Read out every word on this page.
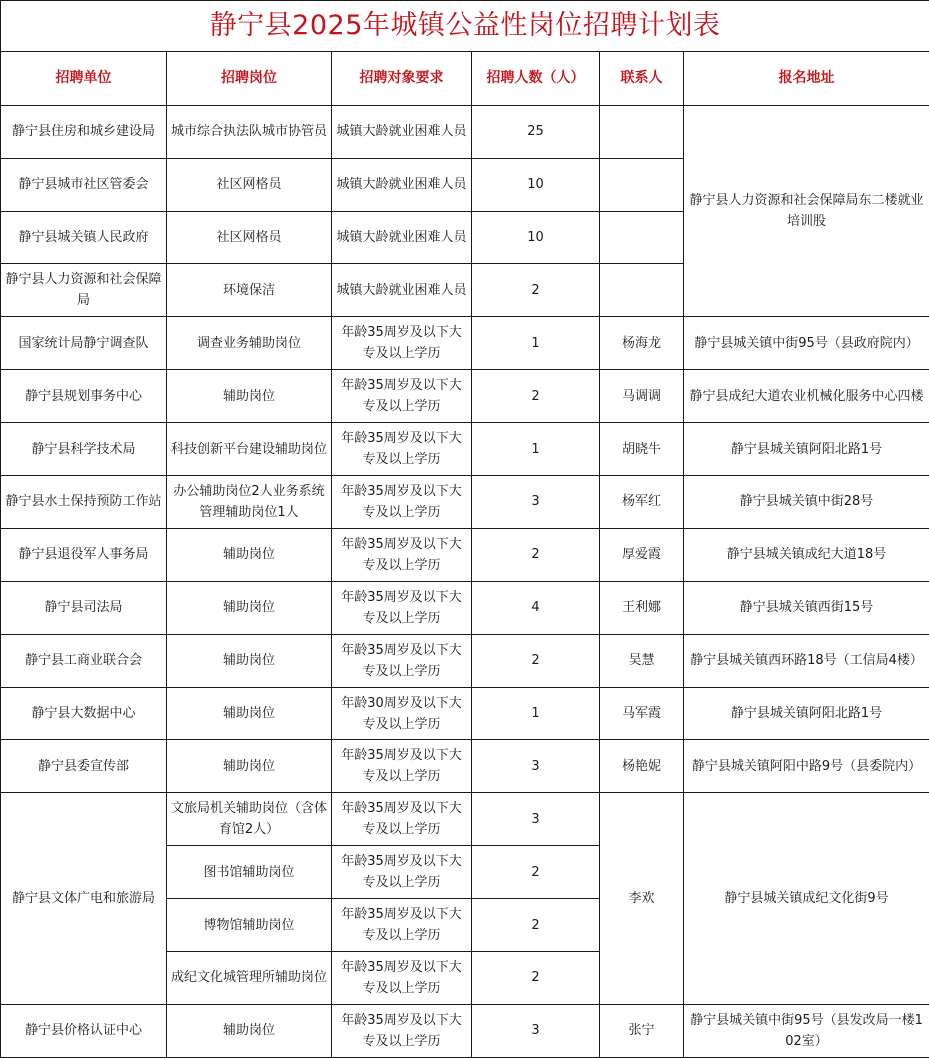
静宁县2025年城镇公益性岗位招聘计划表					
招聘单位	招聘岗位	招聘对象要求	招聘人数（人）	联系人	报名地址
静宁县住房和城乡建设局	城市综合执法队城市协管员	城镇大龄就业困难人员	25		静宁县人力资源和社会保障局东二楼就业培训股
静宁县城市社区管委会	社区网格员	城镇大龄就业困难人员	10		
静宁县城关镇人民政府	社区网格员	城镇大龄就业困难人员	10		
静宁县人力资源和社会保障局	环境保洁	城镇大龄就业困难人员	2		
国家统计局静宁调查队	调查业务辅助岗位	年龄35周岁及以下大专及以上学历	1	杨海龙	静宁县城关镇中街95号（县政府院内）
静宁县规划事务中心	辅助岗位	年龄35周岁及以下大专及以上学历	2	马调调	静宁县成纪大道农业机械化服务中心四楼
静宁县科学技术局	科技创新平台建设辅助岗位	年龄35周岁及以下大专及以上学历	1	胡晓牛	静宁县城关镇阿阳北路1号
静宁县水土保持预防工作站	办公辅助岗位2人业务系统管理辅助岗位1人	年龄35周岁及以下大专及以上学历	3	杨军红	静宁县城关镇中街28号
静宁县退役军人事务局	辅助岗位	年龄35周岁及以下大专及以上学历	2	厚爱霞	静宁县城关镇成纪大道18号
静宁县司法局	辅助岗位	年龄35周岁及以下大专及以上学历	4	王利娜	静宁县城关镇西街15号
静宁县工商业联合会	辅助岗位	年龄35周岁及以下大专及以上学历	2	吴慧	静宁县城关镇西环路18号（工信局4楼）
静宁县大数据中心	辅助岗位	年龄30周岁及以下大专及以上学历	1	马军霞	静宁县城关镇阿阳北路1号
静宁县委宣传部	辅助岗位	年龄35周岁及以下大专及以上学历	3	杨艳妮	静宁县城关镇阿阳中路9号（县委院内）
静宁县文体广电和旅游局	文旅局机关辅助岗位（含体育馆2人）	年龄35周岁及以下大专及以上学历	3	李欢	静宁县城关镇成纪文化街9号
	图书馆辅助岗位	年龄35周岁及以下大专及以上学历	2		
	博物馆辅助岗位	年龄35周岁及以下大专及以上学历	2		
	成纪文化城管理所辅助岗位	年龄35周岁及以下大专及以上学历	2		
静宁县价格认证中心	辅助岗位	年龄35周岁及以下大专及以上学历	3	张宁	静宁县城关镇中街95号（县发改局一楼102室）
